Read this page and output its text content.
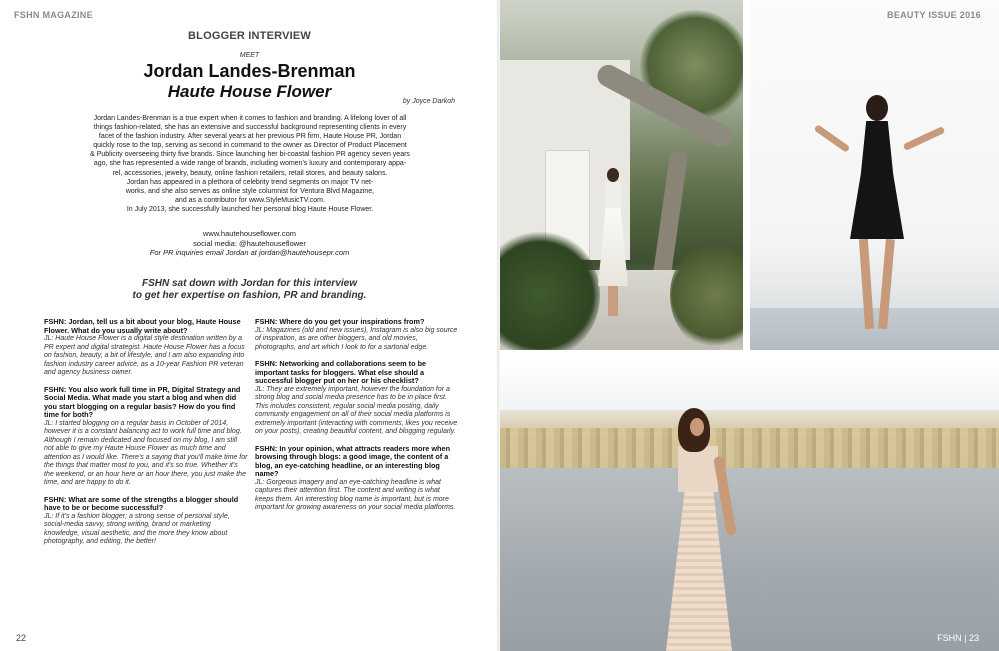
FSHN MAGAZINE
BLOGGER INTERVIEW
MEET
Jordan Landes-Brenman
Haute House Flower
by Joyce Darkoh
Jordan Landes-Brenman is a true expert when it comes to fashion and branding. A lifelong lover of all
things fashion-related, she has an extensive and successful background representing clients in every
facet of the fashion industry. After several years at her previous PR firm, Haute House PR, Jordan
quickly rose to the top, serving as second in command to the owner as Director of Product Placement
& Publicity overseeing thirty five brands. Since launching her bi-coastal fashion PR agency seven years
ago, she has represented a wide range of brands, including women's luxury and contemporary appa-
rel, accessories, jewelry, beauty, online fashion retailers, retail stores, and beauty salons.
Jordan has appeared in a plethora of celebrity trend segments on major TV net-
works, and she also serves as online style columnist for Ventura Blvd Magazine,
and as a contributor for www.StyleMusicTV.com.
In July 2013, she successfully launched her personal blog Haute House Flower.
www.hautehouseflower.com
social media: @hautehouseflower
For PR inquiries email Jordan at jordan@hautehousepr.com
FSHN sat down with Jordan for this interview
to get her expertise on fashion, PR and branding.
FSHN: Jordan, tell us a bit about your blog, Haute House Flower. What do you usually write about?
JL: Haute House Flower is a digital style destination written by a PR expert and digital strategist. Haute House Flower has a focus on fashion, beauty, a bit of lifestyle, and I am also expanding into fashion industry career advice, as a 10-year Fashion PR veteran and agency business owner.
FSHN: You also work full time in PR, Digital Strategy and Social Media. What made you start a blog and when did you start blogging on a regular basis? How do you find time for both?
JL: I started blogging on a regular basis in October of 2014, however it is a constant balancing act to work full time and blog. Although I remain dedicated and focused on my blog, I am still not able to give my Haute House Flower as much time and attention as I would like. There's a saying that you'll make time for the things that matter most to you, and it's so true. Whether it's the weekend, or an hour here or an hour there, you just make the time, and are happy to do it.
FSHN: What are some of the strengths a blogger should have to be or become successful?
JL: If it's a fashion blogger; a strong sense of personal style, social-media savvy, strong writing, brand or marketing knowledge, visual aesthetic, and the more they know about photography, and editing, the better!
FSHN: Where do you get your inspirations from?
JL: Magazines (old and new issues), Instagram is also big source of inspiration, as are other bloggers, and old movies, photographs, and art which I look to for a sartorial edge.
FSHN: Networking and collaborations seem to be important tasks for bloggers. What else should a successful blogger put on her or his checklist?
JL: They are extremely important, however the foundation for a strong blog and social media presence has to be in place first. This includes consistent, regular social media posting, daily community engagement on all of their social media platforms is extremely important (interacting with comments, likes you receive on your posts), creating beautiful content, and blogging regularly.
FSHN: In your opinion, what attracts readers more when browsing through blogs: a good image, the content of a blog, an eye-catching headline, or an interesting blog name?
JL: Gorgeous imagery and an eye-catching headline is what captures their attention first. The content and writing is what keeps them. An interesting blog name is important, but is more important for growing awareness on your social media platforms.
22
BEAUTY ISSUE 2016
FSHN | 23
